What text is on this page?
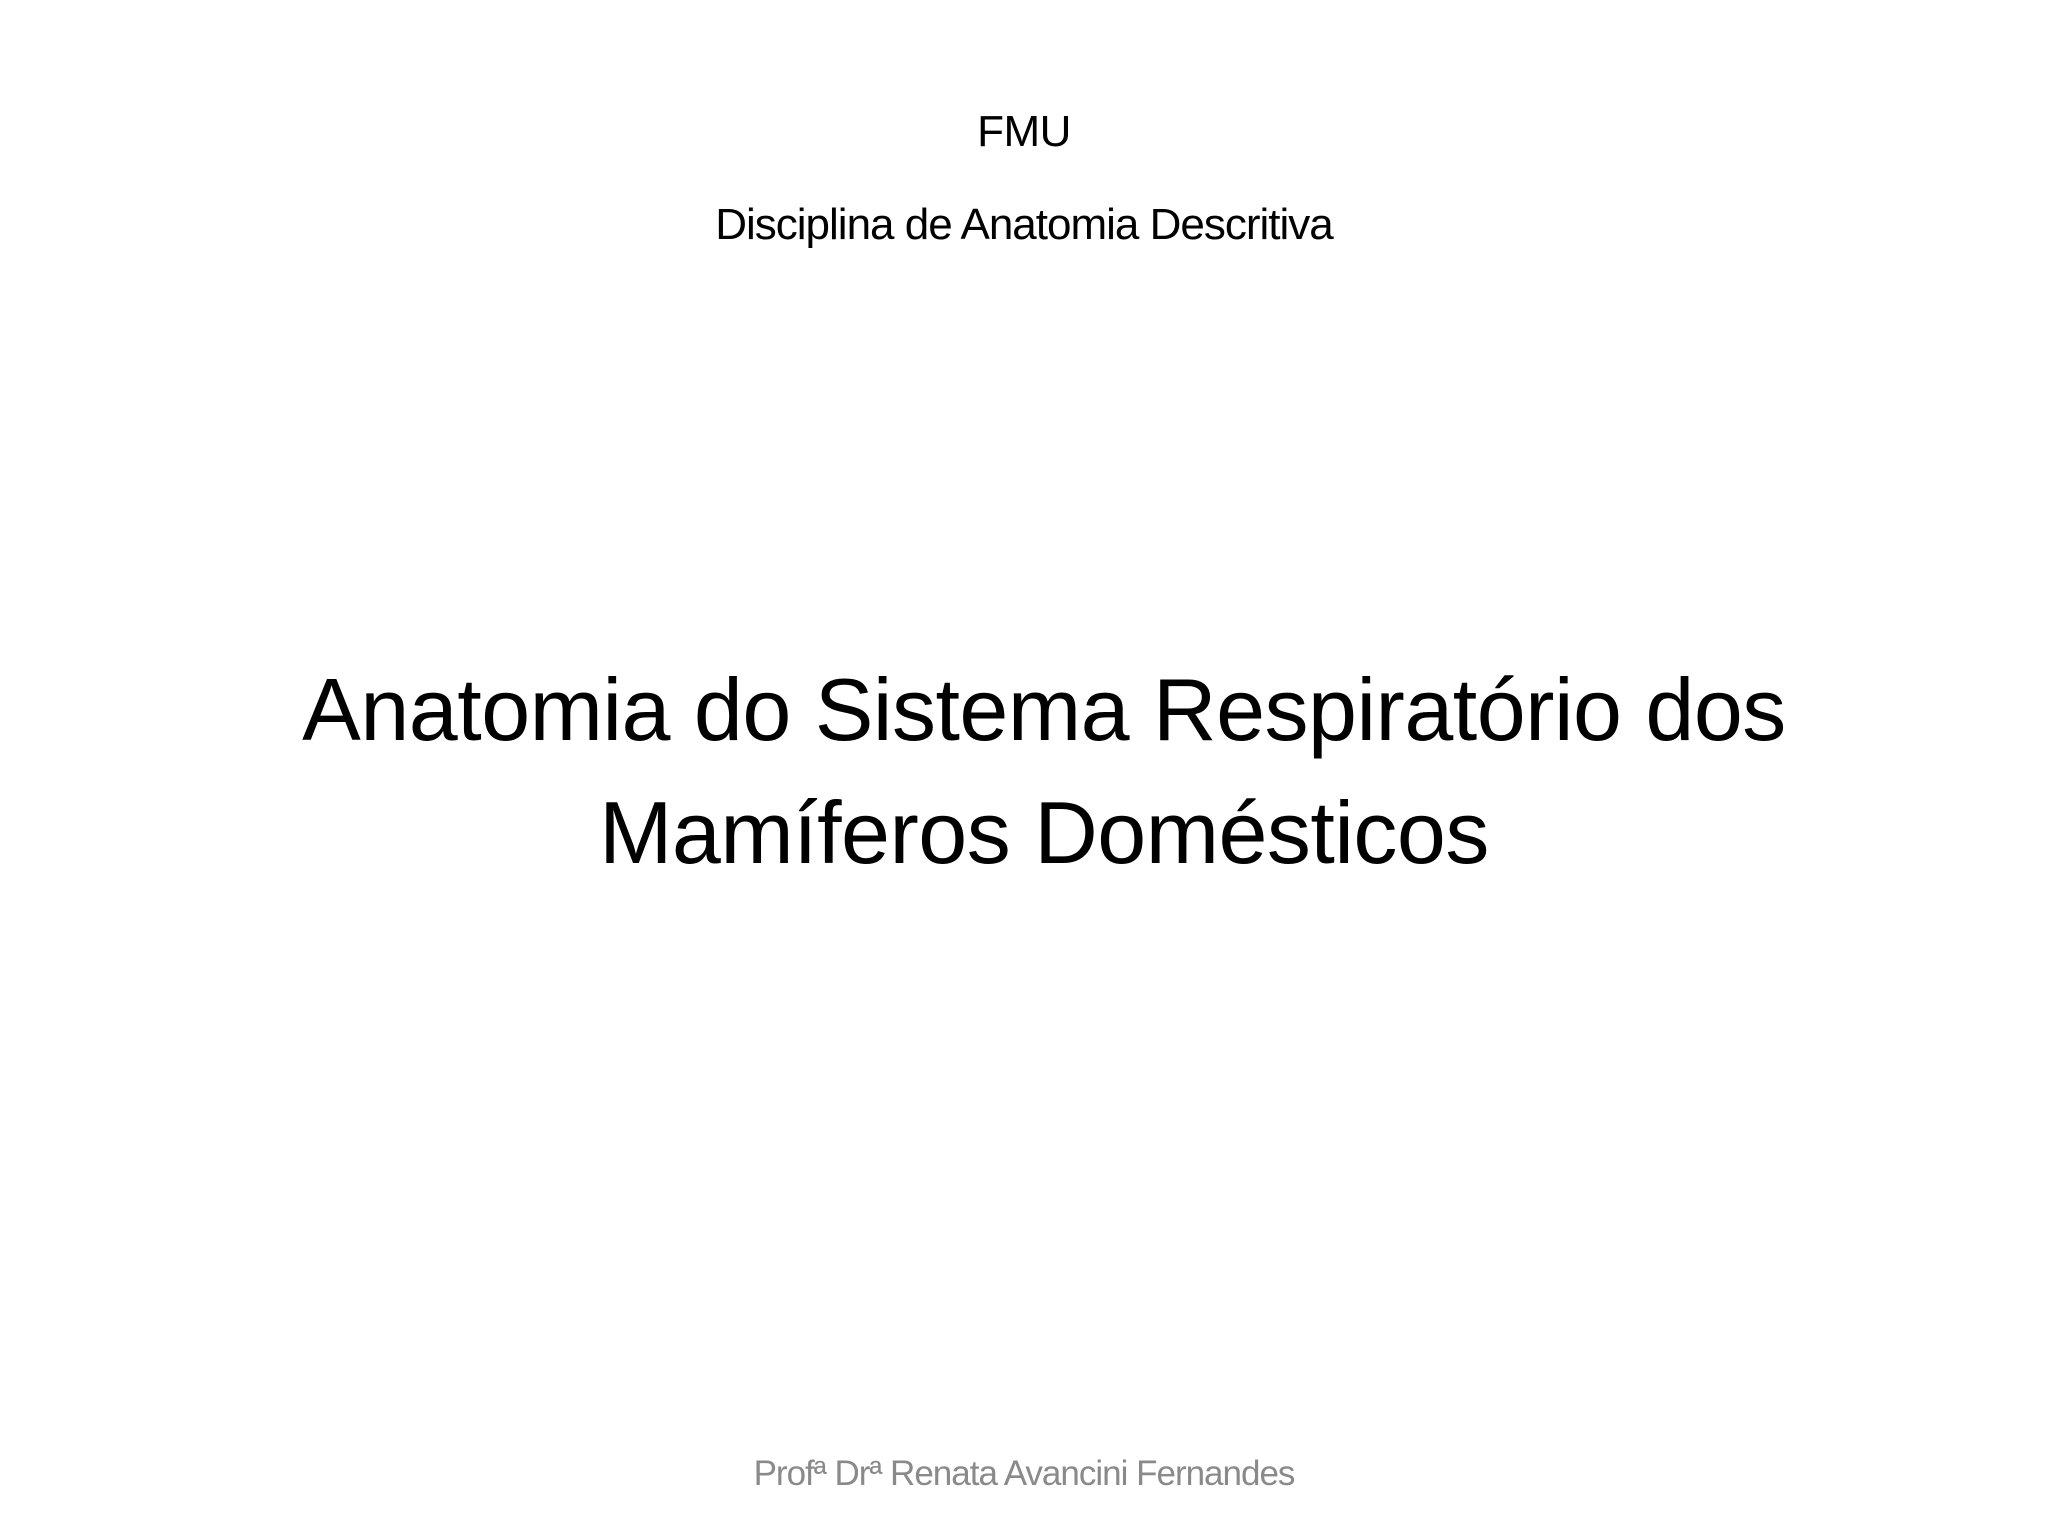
FMU
Disciplina de Anatomia Descritiva
Anatomia do Sistema Respiratório dos
Mamíferos Domésticos
Profª Drª Renata Avancini Fernandes
